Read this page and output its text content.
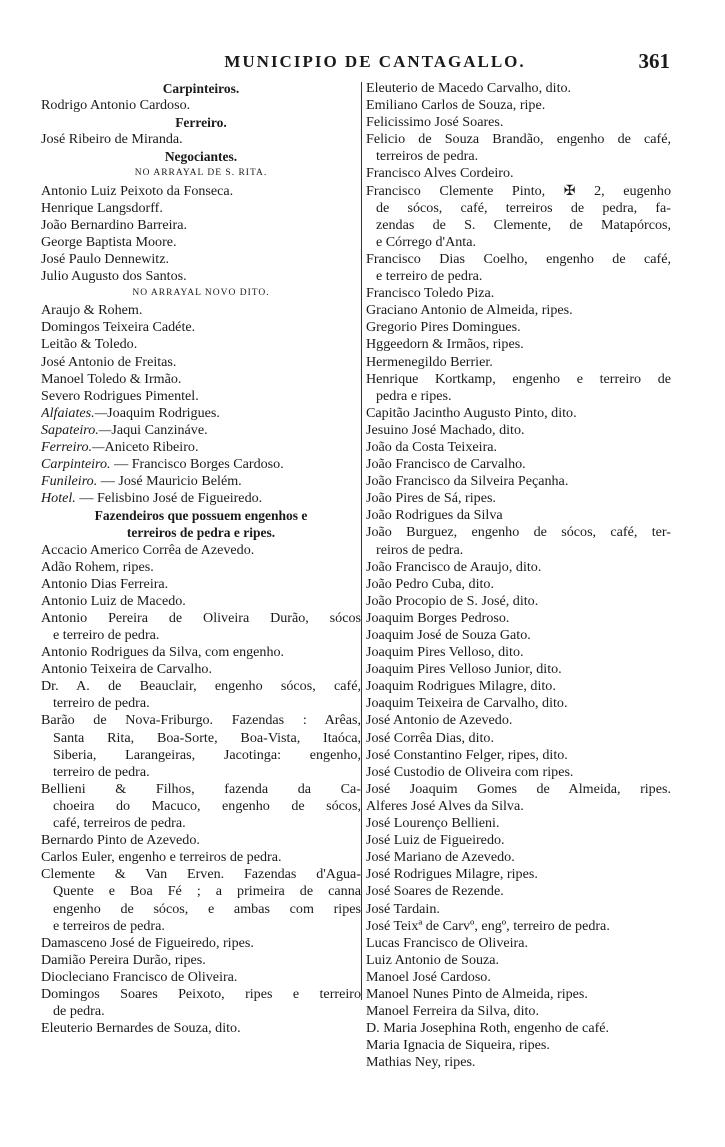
MUNICIPIO DE CANTAGALLO.	361
Carpinteiros.
Rodrigo Antonio Cardoso.
Ferreiro.
José Ribeiro de Miranda.
Negociantes.
NO ARRAYAL DE S. RITA.
Antonio Luiz Peixoto da Fonseca.
Henrique Langsdorff.
João Bernardino Barreira.
George Baptista Moore.
José Paulo Dennewitz.
Julio Augusto dos Santos.
NO ARRAYAL NOVO DITO.
Araujo & Rohem.
Domingos Teixeira Cadéte.
Leitão & Toledo.
José Antonio de Freitas.
Manoel Toledo & Irmão.
Severo Rodrigues Pimentel.
Alfaiates.—Joaquim Rodrigues.
Sapateiro.—Jaqui Canzináve.
Ferreiro.—Aniceto Ribeiro.
Carpinteiro. — Francisco Borges Cardoso.
Funileiro. — José Mauricio Belém.
Hotel. — Felisbino José de Figueiredo.
Fazendeiros que possuem engenhos e
terreiros de pedra e ripes.
Accacio Americo Corrêa de Azevedo.
Adão Rohem, ripes.
Antonio Dias Ferreira.
Antonio Luiz de Macedo.
Antonio Pereira de Oliveira Durão, sócos
e terreiro de pedra.
Antonio Rodrigues da Silva, com engenho.
Antonio Teixeira de Carvalho.
Dr. A. de Beauclair, engenho sócos, café,
terreiro de pedra.
Barão de Nova-Friburgo. Fazendas : Arêas,
Santa Rita, Boa-Sorte, Boa-Vista, Itaóca,
Siberia, Larangeiras, Jacotinga: engenho,
terreiro de pedra.
Bellieni & Filhos, fazenda da Ca-
choeira do Macuco, engenho de sócos,
café, terreiros de pedra.
Bernardo Pinto de Azevedo.
Carlos Euler, engenho e terreiros de pedra.
Clemente & Van Erven. Fazendas d'Agua-
Quente e Boa Fé ; a primeira de canna
engenho de sócos, e ambas com ripes
e terreiros de pedra.
Damasceno José de Figueiredo, ripes.
Damião Pereira Durão, ripes.
Diocleciano Francisco de Oliveira.
Domingos Soares Peixoto, ripes e terreiro
de pedra.
Eleuterio Bernardes de Souza, dito.
Eleuterio de Macedo Carvalho, dito.
Emiliano Carlos de Souza, ripe.
Felicissimo José Soares.
Felicio de Souza Brandão, engenho de café,
terreiros de pedra.
Francisco Alves Cordeiro.
Francisco Clemente Pinto, ✠ 2, eugenho
de sócos, café, terreiros de pedra, fa-
zendas de S. Clemente, de Matapórcos,
e Córrego d'Anta.
Francisco Dias Coelho, engenho de café,
e terreiro de pedra.
Francisco Toledo Piza.
Graciano Antonio de Almeida, ripes.
Gregorio Pires Domingues.
Hggeedorn & Irmãos, ripes.
Hermenegildo Berrier.
Henrique Kortkamp, engenho e terreiro de
pedra e ripes.
Capitão Jacintho Augusto Pinto, dito.
Jesuino José Machado, dito.
João da Costa Teixeira.
João Francisco de Carvalho.
João Francisco da Silveira Peçanha.
João Pires de Sá, ripes.
João Rodrigues da Silva
João Burguez, engenho de sócos, café, ter-
reiros de pedra.
João Francisco de Araujo, dito.
João Pedro Cuba, dito.
João Procopio de S. José, dito.
Joaquim Borges Pedroso.
Joaquim José de Souza Gato.
Joaquim Pires Velloso, dito.
Joaquim Pires Velloso Junior, dito.
Joaquim Rodrigues Milagre, dito.
Joaquim Teixeira de Carvalho, dito.
José Antonio de Azevedo.
José Corrêa Dias, dito.
José Constantino Felger, ripes, dito.
José Custodio de Oliveira com ripes.
José Joaquim Gomes de Almeida, ripes.
Alferes José Alves da Silva.
José Lourenço Bellieni.
José Luiz de Figueiredo.
José Mariano de Azevedo.
José Rodrigues Milagre, ripes.
José Soares de Rezende.
José Tardain.
José Teixª de Carvº, engº, terreiro de pedra.
Lucas Francisco de Oliveira.
Luiz Antonio de Souza.
Manoel José Cardoso.
Manoel Nunes Pinto de Almeida, ripes.
Manoel Ferreira da Silva, dito.
D. Maria Josephina Roth, engenho de café.
Maria Ignacia de Siqueira, ripes.
Mathias Ney, ripes.
